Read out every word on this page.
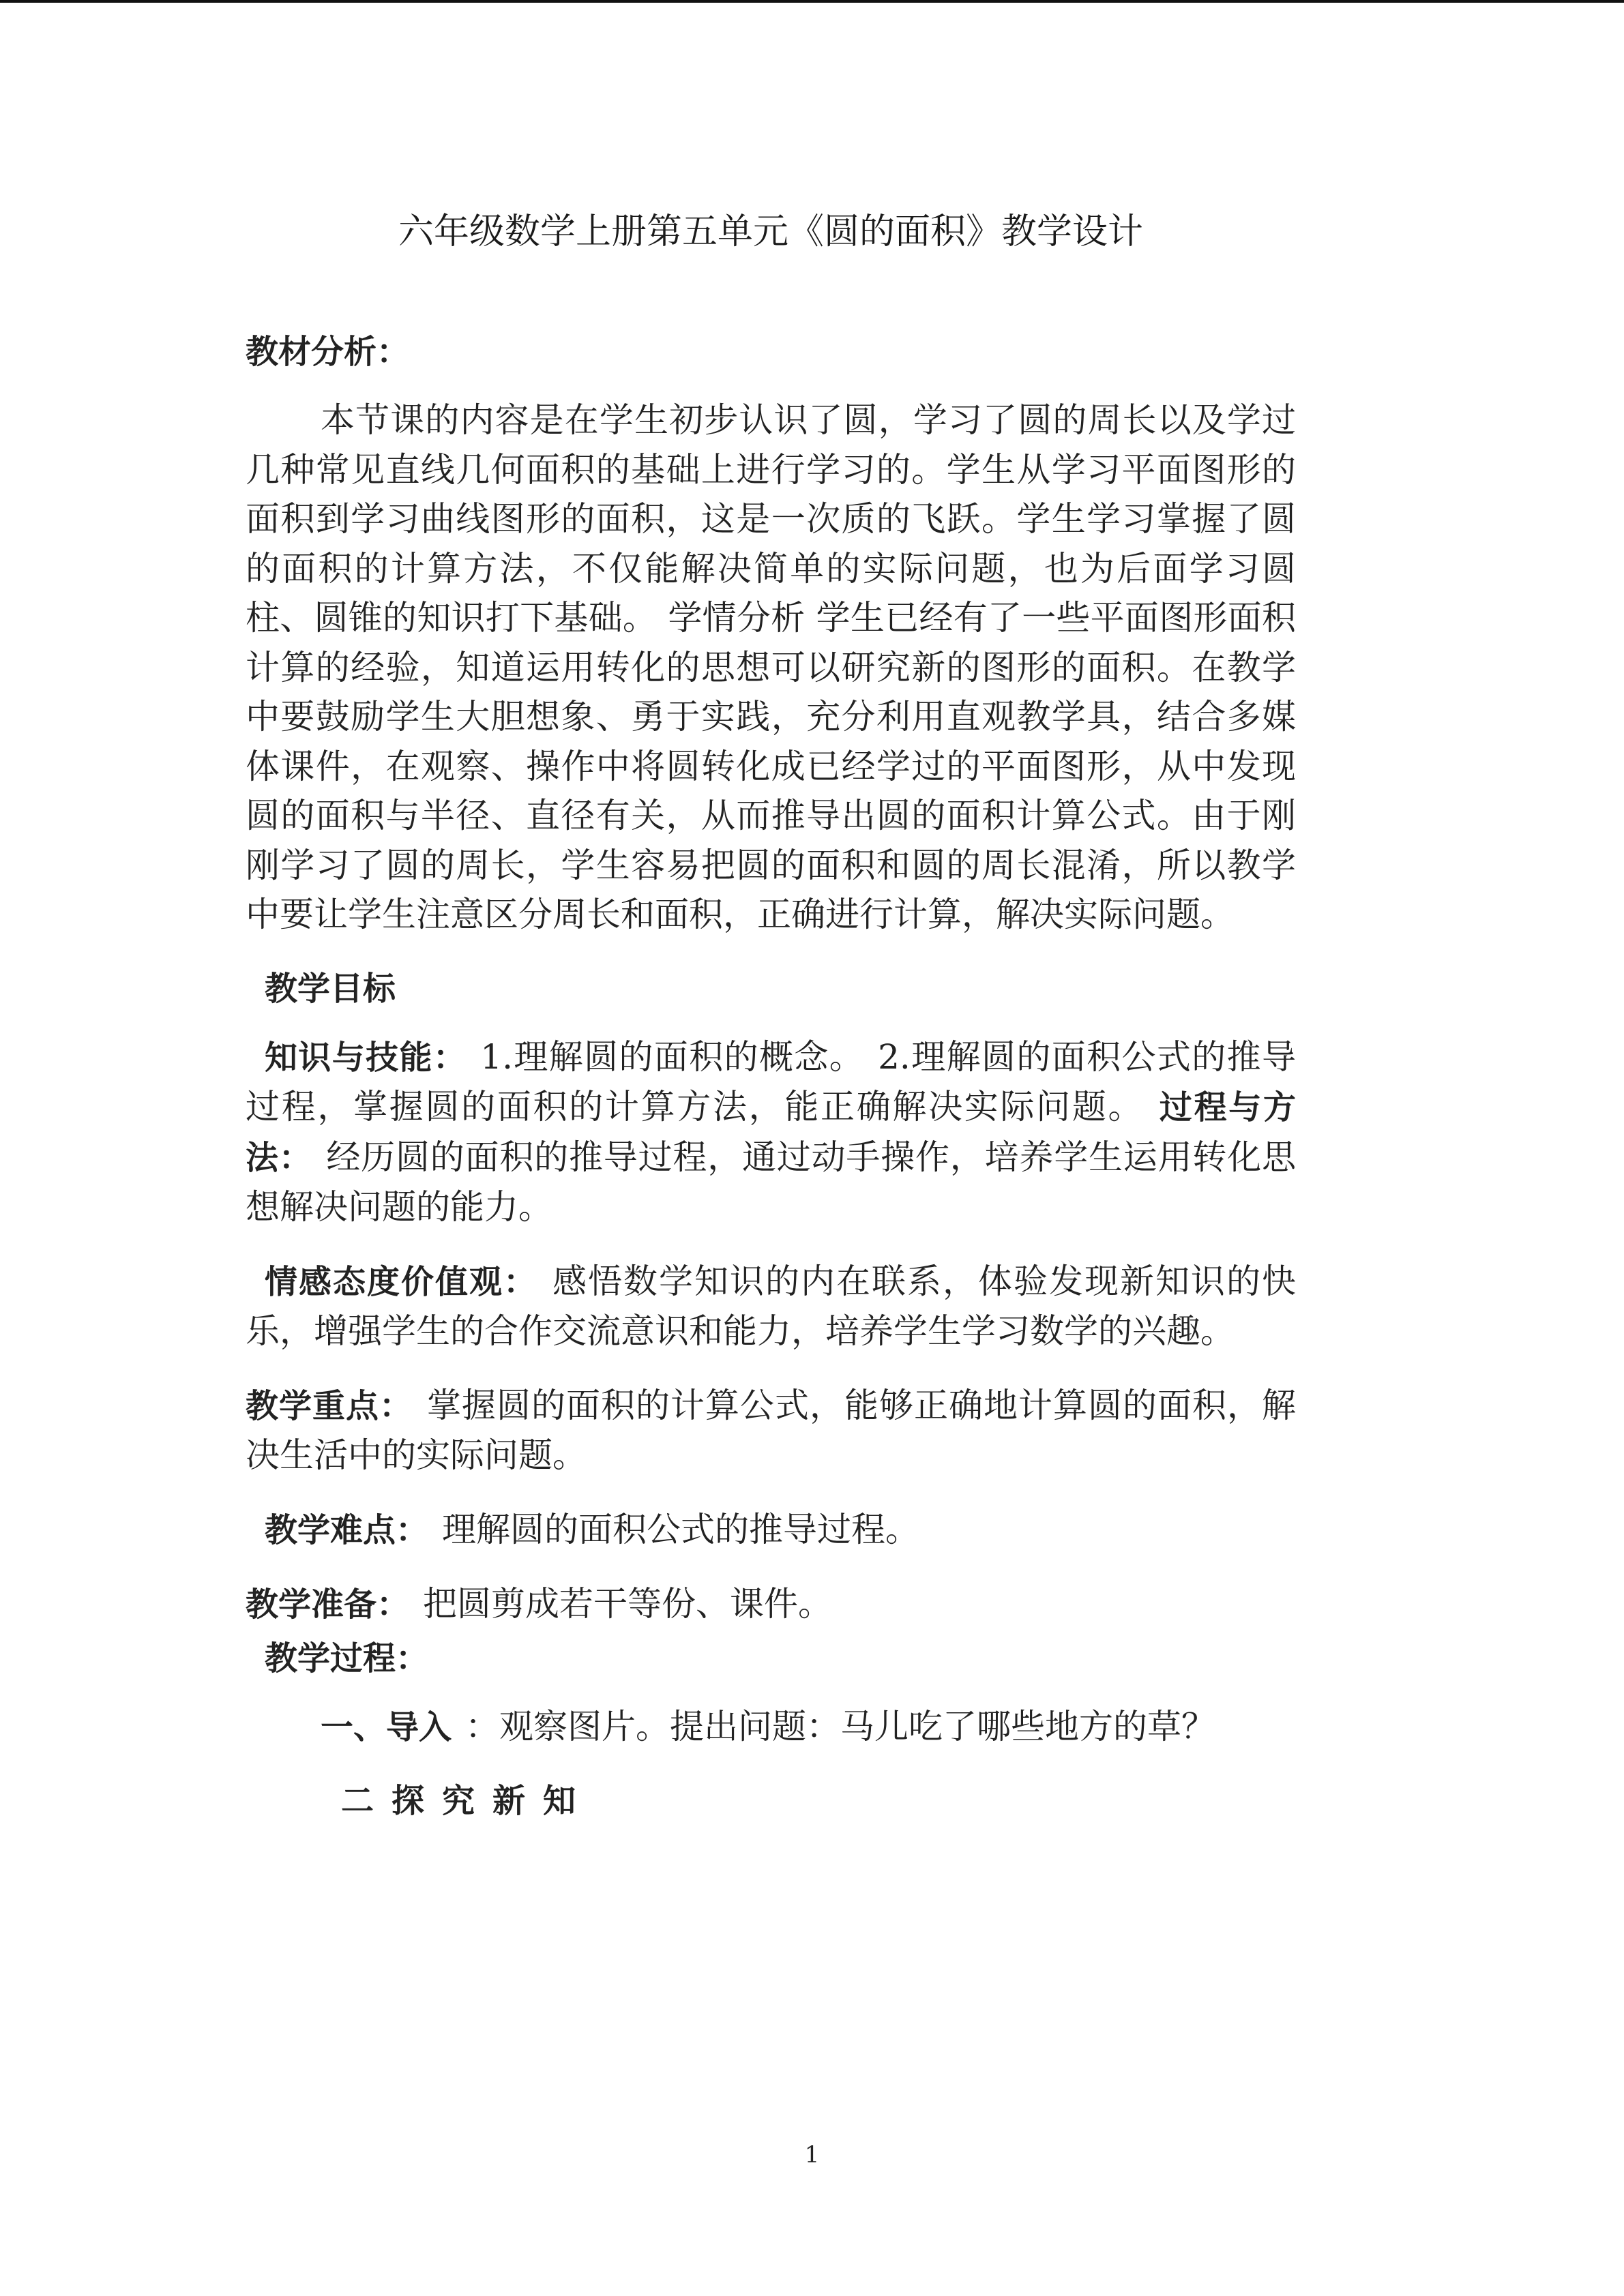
六年级数学上册第五单元《圆的面积》教学设计
教材分析：
本节课的内容是在学生初步认识了圆，学习了圆的周长以及学过几种常见直线几何面积的基础上进行学习的。学生从学习平面图形的面积到学习曲线图形的面积，这是一次质的飞跃。学生学习掌握了圆的面积的计算方法，不仅能解决简单的实际问题，也为后面学习圆柱、圆锥的知识打下基础。 学情分析 学生已经有了一些平面图形面积计算的经验，知道运用转化的思想可以研究新的图形的面积。在教学中要鼓励学生大胆想象、勇于实践，充分利用直观教学具，结合多媒体课件，在观察、操作中将圆转化成已经学过的平面图形，从中发现圆的面积与半径、直径有关，从而推导出圆的面积计算公式。由于刚刚学习了圆的周长，学生容易把圆的面积和圆的周长混淆，所以教学中要让学生注意区分周长和面积，正确进行计算，解决实际问题。
教学目标
知识与技能： 1.理解圆的面积的概念。 2.理解圆的面积公式的推导过程，掌握圆的面积的计算方法，能正确解决实际问题。 过程与方法： 经历圆的面积的推导过程，通过动手操作，培养学生运用转化思想解决问题的能力。
情感态度价值观： 感悟数学知识的内在联系，体验发现新知识的快乐，增强学生的合作交流意识和能力，培养学生学习数学的兴趣。
教学重点： 掌握圆的面积的计算公式，能够正确地计算圆的面积，解决生活中的实际问题。
教学难点： 理解圆的面积公式的推导过程。
教学准备： 把圆剪成若干等份、课件。
教学过程：
一、导入 ：观察图片。提出问题：马儿吃了哪些地方的草？
二探究新知
1
